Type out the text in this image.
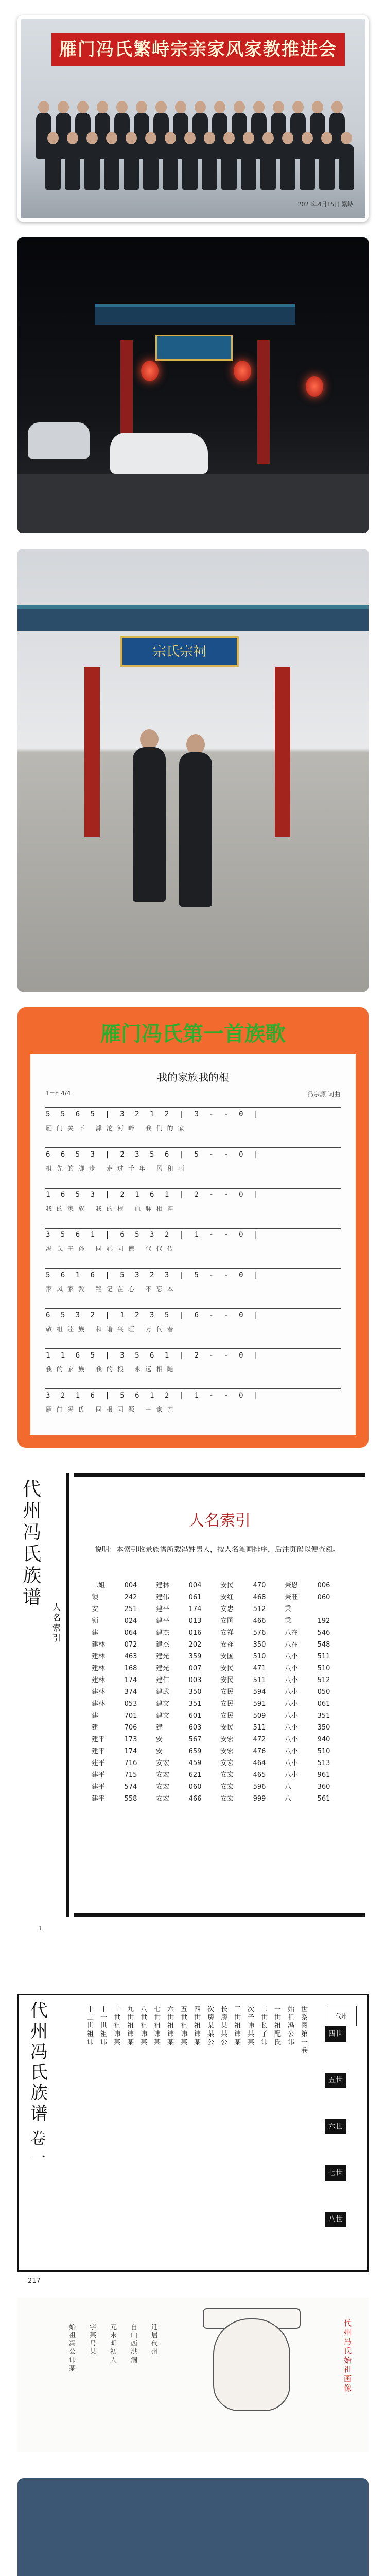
雁门冯氏繁峙宗亲家风家教推进会
2023年4月15日 繁峙
宗氏宗祠
雁门冯氏第一首族歌
我的家族我的根
1=E 4/4	冯宗源 词曲
5 5 6 5 | 3 2 1 2 | 3 - - 0 |
雁门关下 滹沱河畔 我们的家
6 6 5 3 | 2 3 5 6 | 5 - - 0 |
祖先的脚步 走过千年 风和雨
1 6 5 3 | 2 1 6 1 | 2 - - 0 |
我的家族 我的根 血脉相连
3 5 6 1 | 6 5 3 2 | 1 - - 0 |
冯氏子孙 同心同德 代代传
5 6 1 6 | 5 3 2 3 | 5 - - 0 |
家风家教 铭记在心 不忘本
6 5 3 2 | 1 2 3 5 | 6 - - 0 |
敬祖睦族 和谐兴旺 万代春
1 1 6 5 | 3 5 6 1 | 2 - - 0 |
我的家族 我的根 永远相随
3 2 1 6 | 5 6 1 2 | 1 - - 0 |
雁门冯氏 同根同源 一家亲
代州冯氏族谱	人名索引
人名索引
说明：本索引收录族谱所载冯姓男人，按人名笔画排序，后注页码以便查阅。
二姐	004	建林	004	安民	470	秉恩	006
锁	242	建伟	061	安红	468	秉旺	060
安	251	建平	174	安忠	512	秉	
锁	024	建平	013	安国	466	秉	192
建	064	建杰	016	安祥	576	八在	546
建林	072	建杰	202	安祥	350	八在	548
建林	463	建光	359	安国	510	八小	511
建林	168	建光	007	安民	471	八小	510
建林	174	建仁	003	安民	511	八小	512
建林	374	建武	350	安民	594	八小	050
建林	053	建文	351	安民	591	八小	061
建	701	建文	601	安民	509	八小	351
建	706	建	603	安民	511	八小	350
建平	173	安	567	安宏	472	八小	940
建平	174	安	659	安宏	476	八小	510
建平	716	安宏	459	安宏	464	八小	513
建平	715	安宏	621	安宏	465	八小	961
建平	574	安宏	060	安宏	596	八	360
建平	558	安宏	466	安宏	999	八	561
1
代州冯氏族谱
卷一
代州
世系图第一卷
始祖冯公讳
一世祖配氏
二世长子讳
次子讳某某
三世祖讳某
长房某某公
次房某某公
四世祖讳某
五世祖讳某
六世祖讳某
七世祖讳某
八世祖讳某
九世祖讳某
十世祖讳某
十一世祖讳
十二世祖讳
四世
五世
六世
七世
八世
217
代州冯氏始祖画像
始祖冯公讳某
字某号某
元末明初人
自山西洪洞
迁居代州
